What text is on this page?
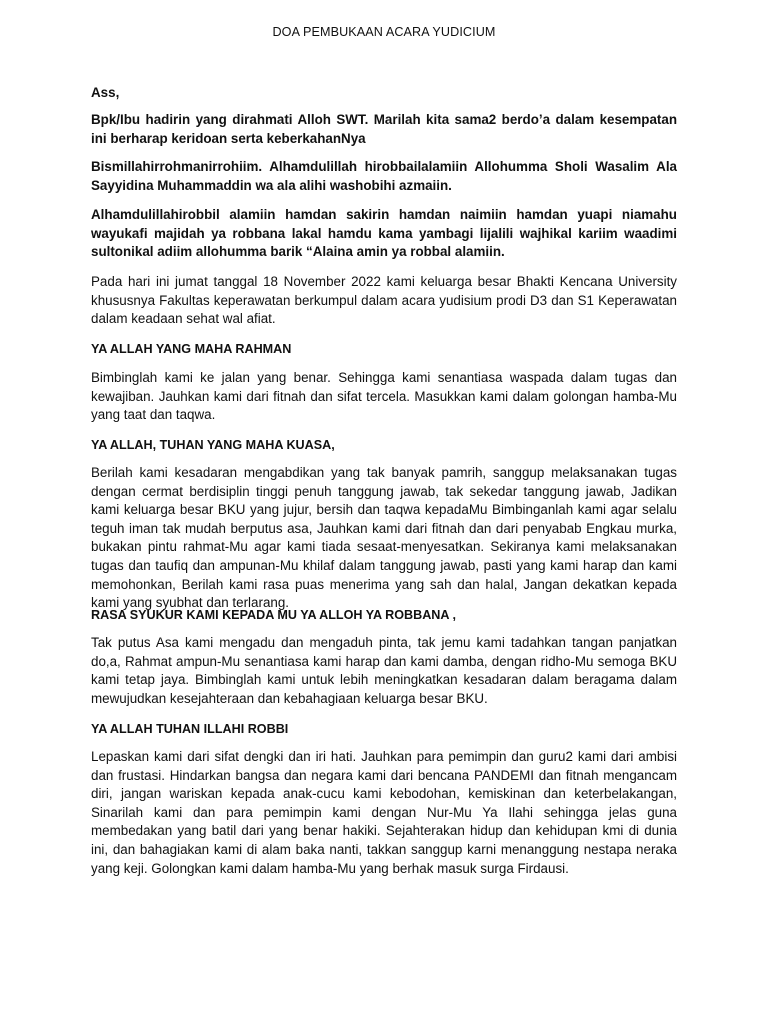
DOA PEMBUKAAN ACARA YUDICIUM

Ass,

Bpk/Ibu hadirin yang dirahmati Alloh SWT. Marilah kita sama2 berdo’a dalam kesempatan ini berharap keridoan serta keberkahanNya

Bismillahirrohmanirrohiim. Alhamdulillah hirobbailalamiin Allohumma Sholi Wasalim Ala Sayyidina Muhammaddin wa ala alihi washobihi azmaiin.

Alhamdulillahirobbil alamiin hamdan sakirin hamdan naimiin hamdan yuapi niamahu wayukafi majidah ya robbana lakal hamdu kama yambagi lijalili wajhikal kariim waadimi sultonikal adiim allohumma barik “Alaina amin ya robbal alamiin.

Pada hari ini jumat tanggal 18 November 2022 kami keluarga besar Bhakti Kencana University khususnya Fakultas keperawatan berkumpul dalam acara yudisium prodi D3 dan S1 Keperawatan dalam keadaan sehat wal afiat.

YA ALLAH YANG MAHA RAHMAN

Bimbinglah kami ke jalan yang benar. Sehingga kami senantiasa waspada dalam tugas dan kewajiban. Jauhkan kami dari fitnah dan sifat tercela. Masukkan kami dalam golongan hamba-Mu yang taat dan taqwa.

YA ALLAH, TUHAN YANG MAHA KUASA,

Berilah kami kesadaran mengabdikan yang tak banyak pamrih, sanggup melaksanakan tugas dengan cermat berdisiplin tinggi penuh tanggung jawab, tak sekedar tanggung jawab, Jadikan kami keluarga besar BKU yang jujur, bersih dan taqwa kepadaMu Bimbinganlah kami agar selalu teguh iman tak mudah berputus asa, Jauhkan kami dari fitnah dan dari penyabab Engkau murka, bukakan pintu rahmat-Mu agar kami tiada sesaat-menyesatkan. Sekiranya kami melaksanakan tugas dan taufiq dan ampunan-Mu khilaf dalam tanggung jawab, pasti yang kami harap dan kami memohonkan, Berilah kami rasa puas menerima yang sah dan halal, Jangan dekatkan kepada kami yang syubhat dan terlarang.

RASA SYUKUR KAMI KEPADA MU YA ALLOH YA ROBBANA ,

Tak putus Asa kami mengadu dan mengaduh pinta, tak jemu kami tadahkan tangan panjatkan do,a, Rahmat ampun-Mu senantiasa kami harap dan kami damba, dengan ridho-Mu semoga BKU kami tetap jaya. Bimbinglah kami untuk lebih meningkatkan kesadaran dalam beragama dalam mewujudkan kesejahteraan dan kebahagiaan keluarga besar BKU.

YA ALLAH TUHAN ILLAHI ROBBI

Lepaskan kami dari sifat dengki dan iri hati. Jauhkan para pemimpin dan guru2 kami dari ambisi dan frustasi. Hindarkan bangsa dan negara kami dari bencana PANDEMI dan fitnah mengancam diri, jangan wariskan kepada anak-cucu kami kebodohan, kemiskinan dan keterbelakangan, Sinarilah kami dan para pemimpin kami dengan Nur-Mu Ya Ilahi sehingga jelas guna membedakan yang batil dari yang benar hakiki. Sejahterakan hidup dan kehidupan kmi di dunia ini, dan bahagiakan kami di alam baka nanti, takkan sanggup karni menanggung nestapa neraka yang keji. Golongkan kami dalam hamba-Mu yang berhak masuk surga Firdausi.
